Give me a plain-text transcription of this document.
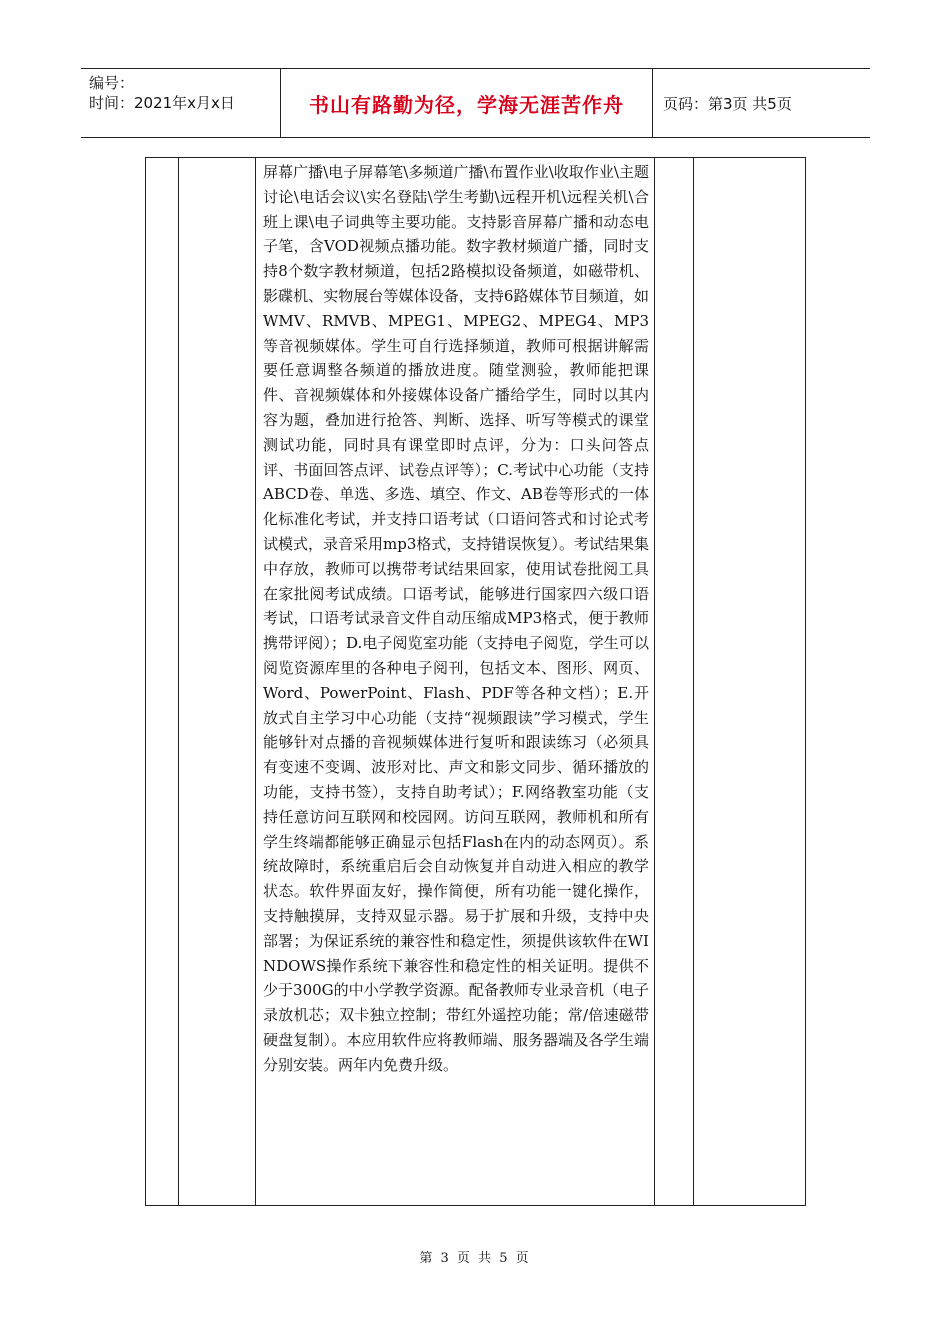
编号：
时间：2021年x月x日	书山有路勤为径，学海无涯苦作舟	页码：第3页 共5页
屏幕广播\电子屏幕笔\多频道广播\布置作业\收取作业\主题讨论\电话会议\实名登陆\学生考勤\远程开机\远程关机\合班上课\电子词典等主要功能。支持影音屏幕广播和动态电子笔，含VOD视频点播功能。数字教材频道广播，同时支持8个数字教材频道，包括2路模拟设备频道，如磁带机、影碟机、实物展台等媒体设备，支持6路媒体节目频道，如WMV、RMVB、MPEG1、MPEG2、MPEG4、MP3等音视频媒体。学生可自行选择频道，教师可根据讲解需要任意调整各频道的播放进度。随堂测验，教师能把课件、音视频媒体和外接媒体设备广播给学生，同时以其内容为题，叠加进行抢答、判断、选择、听写等模式的课堂测试功能，同时具有课堂即时点评，分为：口头问答点评、书面回答点评、试卷点评等）；C.考试中心功能（支持ABCD卷、单选、多选、填空、作文、AB卷等形式的一体化标准化考试，并支持口语考试（口语问答式和讨论式考试模式，录音采用mp3格式，支持错误恢复）。考试结果集中存放，教师可以携带考试结果回家，使用试卷批阅工具在家批阅考试成绩。口语考试，能够进行国家四六级口语考试，口语考试录音文件自动压缩成MP3格式，便于教师携带评阅）；D.电子阅览室功能（支持电子阅览，学生可以阅览资源库里的各种电子阅刊，包括文本、图形、网页、Word、PowerPoint、Flash、PDF等各种文档）；E.开放式自主学习中心功能（支持“视频跟读”学习模式，学生能够针对点播的音视频媒体进行复听和跟读练习（必须具有变速不变调、波形对比、声文和影文同步、循环播放的功能，支持书签），支持自助考试）；F.网络教室功能（支持任意访问互联网和校园网。访问互联网，教师机和所有学生终端都能够正确显示包括Flash在内的动态网页）。系统故障时，系统重启后会自动恢复并自动进入相应的教学状态。软件界面友好，操作简便，所有功能一键化操作，支持触摸屏，支持双显示器。易于扩展和升级，支持中央部署；为保证系统的兼容性和稳定性，须提供该软件在WINDOWS操作系统下兼容性和稳定性的相关证明。提供不少于300G的中小学教学资源。配备教师专业录音机（电子录放机芯；双卡独立控制；带红外遥控功能；常/倍速磁带硬盘复制）。本应用软件应将教师端、服务器端及各学生端分别安装。两年内免费升级。
第 3 页 共 5 页
